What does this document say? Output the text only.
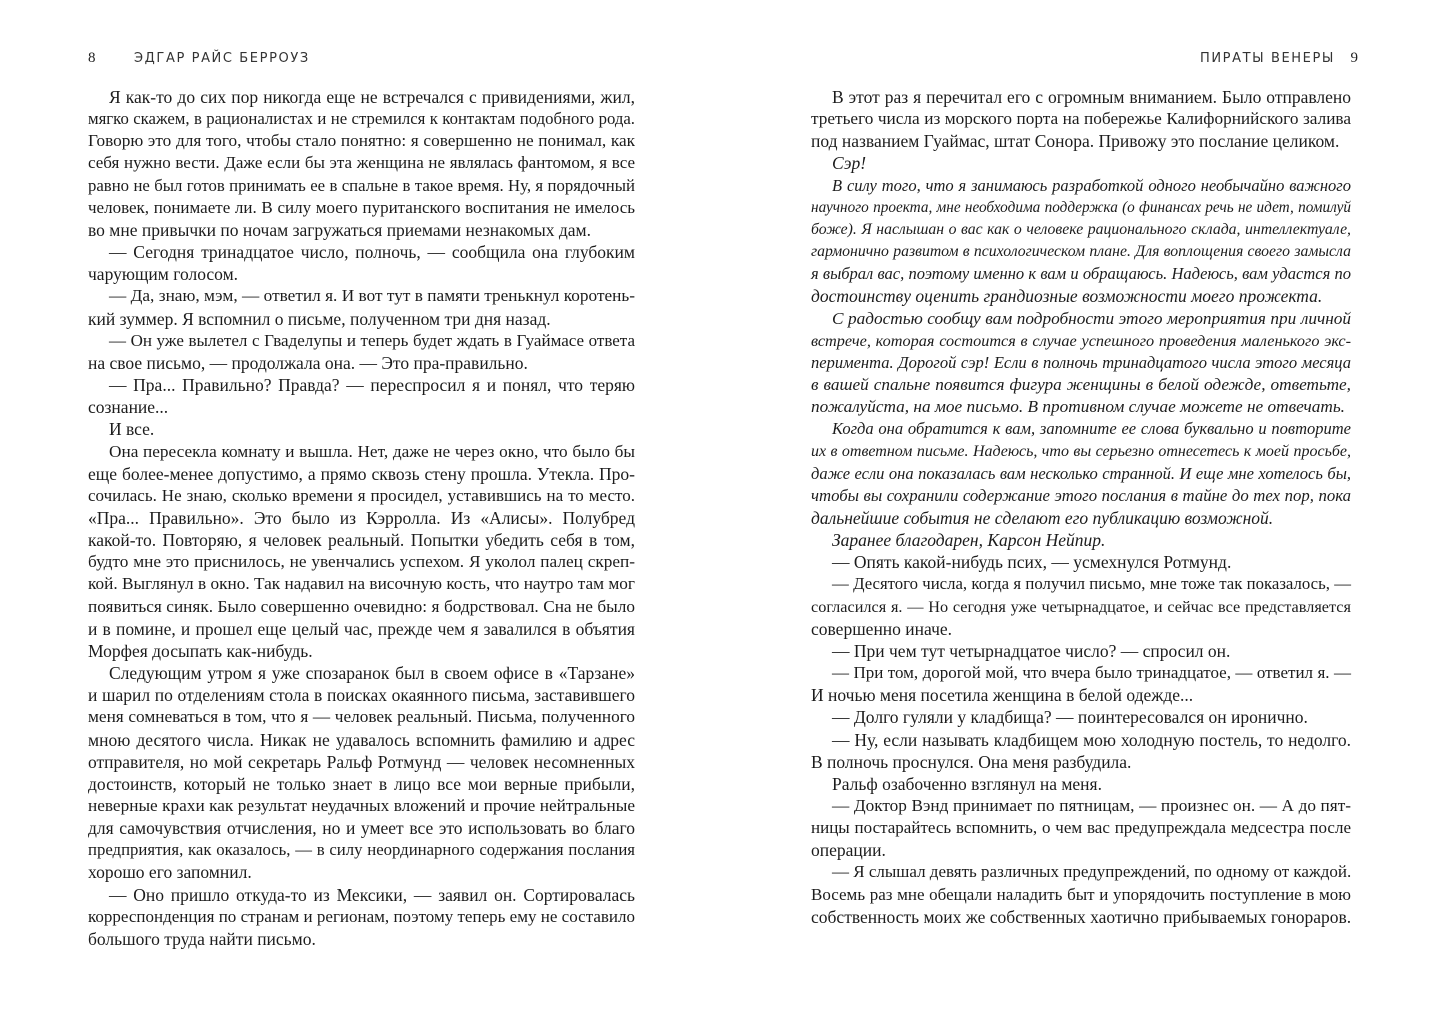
8	ЭДГАР РАЙС БЕРРОУЗ
Я как-то до сих пор никогда еще не встречался с привидениями, жил,
мягко скажем, в рационалистах и не стремился к контактам подобного рода.
Говорю это для того, чтобы стало понятно: я совершенно не понимал, как
себя нужно вести. Даже если бы эта женщина не являлась фантомом, я все
равно не был готов принимать ее в спальне в такое время. Ну, я порядочный
человек, понимаете ли. В силу моего пуританского воспитания не имелось
во мне привычки по ночам загружаться приемами незнакомых дам.
— Сегодня тринадцатое число, полночь, — сообщила она глубоким
чарующим голосом.
— Да, знаю, мэм, — ответил я. И вот тут в памяти тренькнул коротень-
кий зуммер. Я вспомнил о письме, полученном три дня назад.
— Он уже вылетел с Гваделупы и теперь будет ждать в Гуаймасе ответа
на свое письмо, — продолжала она. — Это пра-правильно.
— Пра... Правильно? Правда? — переспросил я и понял, что теряю
сознание...
И все.
Она пересекла комнату и вышла. Нет, даже не через окно, что было бы
еще более-менее допустимо, а прямо сквозь стену прошла. Утекла. Про-
сочилась. Не знаю, сколько времени я просидел, уставившись на то место.
«Пра... Правильно». Это было из Кэрролла. Из «Алисы». Полубред
какой-то. Повторяю, я человек реальный. Попытки убедить себя в том,
будто мне это приснилось, не увенчались успехом. Я уколол палец скреп-
кой. Выглянул в окно. Так надавил на височную кость, что наутро там мог
появиться синяк. Было совершенно очевидно: я бодрствовал. Сна не было
и в помине, и прошел еще целый час, прежде чем я завалился в объятия
Морфея досыпать как-нибудь.
Следующим утром я уже спозаранок был в своем офисе в «Тарзане»
и шарил по отделениям стола в поисках окаянного письма, заставившего
меня сомневаться в том, что я — человек реальный. Письма, полученного
мною десятого числа. Никак не удавалось вспомнить фамилию и адрес
отправителя, но мой секретарь Ральф Ротмунд — человек несомненных
достоинств, который не только знает в лицо все мои верные прибыли,
неверные крахи как результат неудачных вложений и прочие нейтральные
для самочувствия отчисления, но и умеет все это использовать во благо
предприятия, как оказалось, — в силу неординарного содержания послания
хорошо его запомнил.
— Оно пришло откуда-то из Мексики, — заявил он. Сортировалась
корреспонденция по странам и регионам, поэтому теперь ему не составило
большого труда найти письмо.
ПИРАТЫ ВЕНЕРЫ 9
В этот раз я перечитал его с огромным вниманием. Было отправлено
третьего числа из морского порта на побережье Калифорнийского залива
под названием Гуаймас, штат Сонора. Привожу это послание целиком.
Сэр!
В силу того, что я занимаюсь разработкой одного необычайно важного
научного проекта, мне необходима поддержка (о финансах речь не идет, помилуй
боже). Я наслышан о вас как о человеке рационального склада, интеллектуале,
гармонично развитом в психологическом плане. Для воплощения своего замысла
я выбрал вас, поэтому именно к вам и обращаюсь. Надеюсь, вам удастся по
достоинству оценить грандиозные возможности моего прожекта.
С радостью сообщу вам подробности этого мероприятия при личной
встрече, которая состоится в случае успешного проведения маленького экс-
перимента. Дорогой сэр! Если в полночь тринадцатого числа этого месяца
в вашей спальне появится фигура женщины в белой одежде, ответьте,
пожалуйста, на мое письмо. В противном случае можете не отвечать.
Когда она обратится к вам, запомните ее слова буквально и повторите
их в ответном письме. Надеюсь, что вы серьезно отнесетесь к моей просьбе,
даже если она показалась вам несколько странной. И еще мне хотелось бы,
чтобы вы сохранили содержание этого послания в тайне до тех пор, пока
дальнейшие события не сделают его публикацию возможной.
Заранее благодарен, Карсон Нейпир.
— Опять какой-нибудь псих, — усмехнулся Ротмунд.
— Десятого числа, когда я получил письмо, мне тоже так показалось, —
согласился я. — Но сегодня уже четырнадцатое, и сейчас все представляется
совершенно иначе.
— При чем тут четырнадцатое число? — спросил он.
— При том, дорогой мой, что вчера было тринадцатое, — ответил я. —
И ночью меня посетила женщина в белой одежде...
— Долго гуляли у кладбища? — поинтересовался он иронично.
— Ну, если называть кладбищем мою холодную постель, то недолго.
В полночь проснулся. Она меня разбудила.
Ральф озабоченно взглянул на меня.
— Доктор Вэнд принимает по пятницам, — произнес он. — А до пят-
ницы постарайтесь вспомнить, о чем вас предупреждала медсестра после
операции.
— Я слышал девять различных предупреждений, по одному от каждой.
Восемь раз мне обещали наладить быт и упорядочить поступление в мою
собственность моих же собственных хаотично прибываемых гонораров.
